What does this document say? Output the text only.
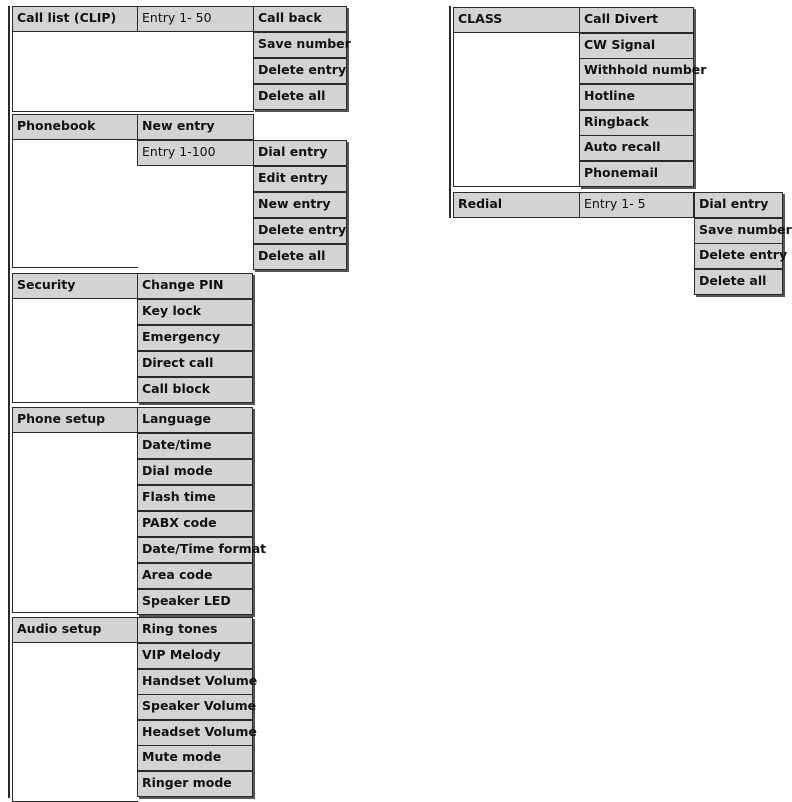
Call list (CLIP)	Entry 1- 50	Call back
Save number
Delete entry
Delete all
Phonebook	New entry
Entry 1-100	Dial entry
Edit entry
New entry
Delete entry
Delete all
Security	Change PIN
Key lock
Emergency
Direct call
Call block
Phone setup	Language
Date/time
Dial mode
Flash time
PABX code
Date/Time format
Area code
Speaker LED
Audio setup	Ring tones
VIP Melody
Handset Volume
Speaker Volume
Headset Volume
Mute mode
Ringer mode
CLASS	Call Divert
CW Signal
Withhold number
Hotline
Ringback
Auto recall
Phonemail
Redial	Entry 1- 5	Dial entry
Save number
Delete entry
Delete all
